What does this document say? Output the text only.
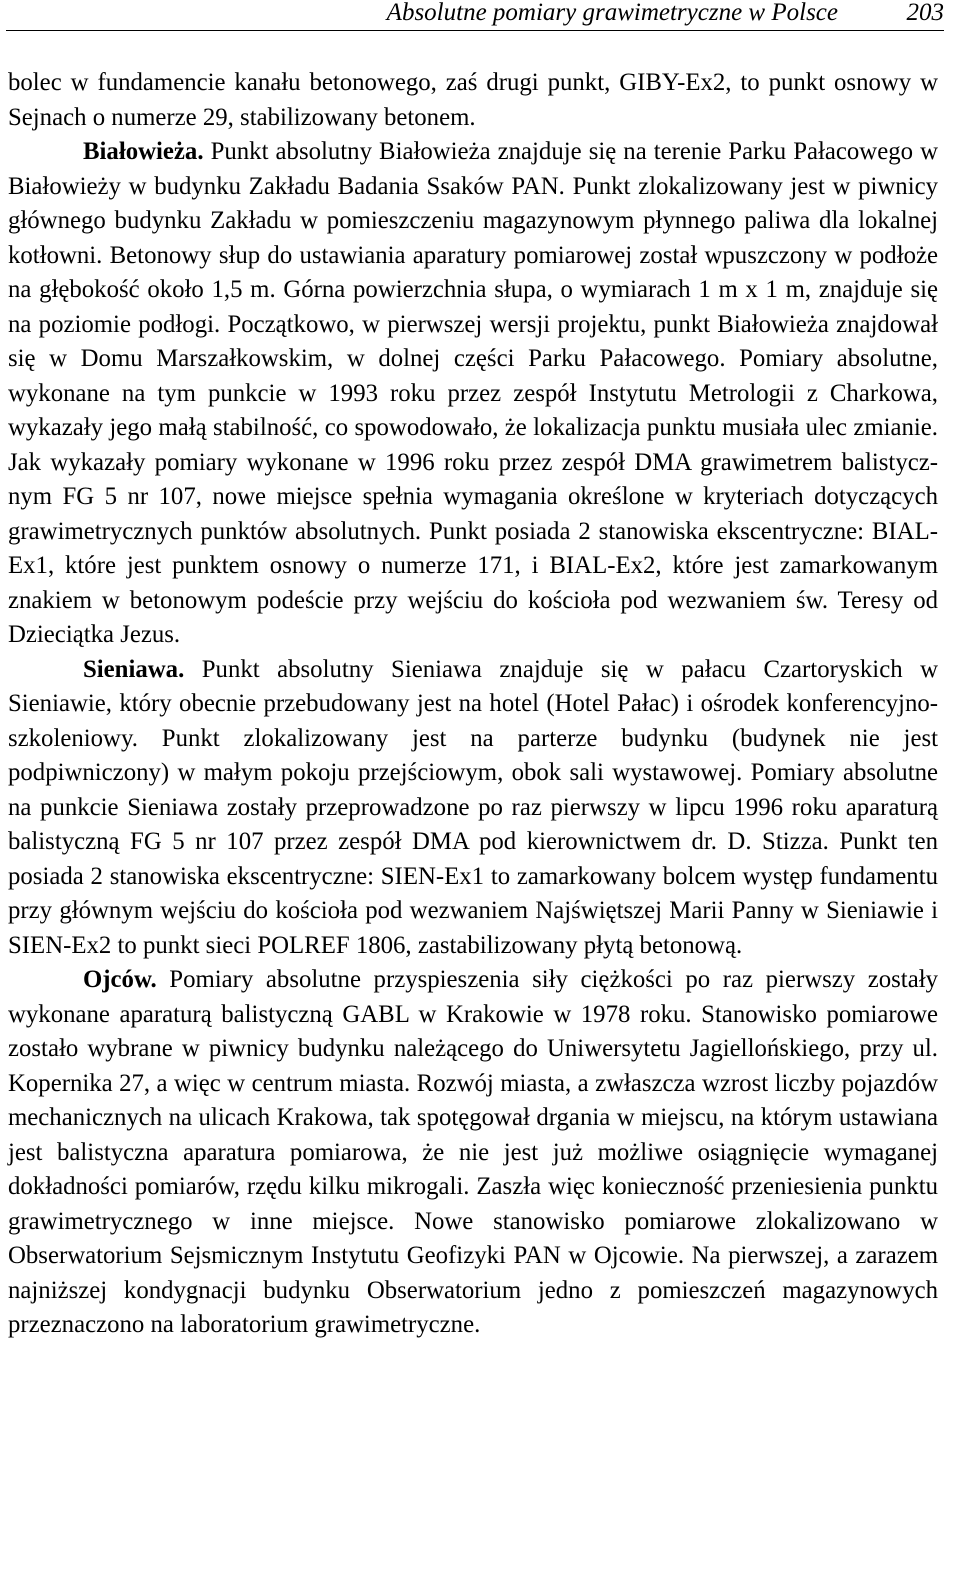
Absolutne pomiary grawimetryczne w Polsce	203

bolec w fundamencie kanału betonowego, zaś drugi punkt, GIBY-Ex2, to punkt osnowy w Sejnach o numerze 29, stabilizowany betonem.

Białowieża. Punkt absolutny Białowieża znajduje się na terenie Parku Pałacowego w Białowieży w budynku Zakładu Badania Ssaków PAN. Punkt zlokalizowany jest w piwnicy głównego budynku Zakładu w pomieszczeniu magazynowym płynnego paliwa dla lokalnej kotłowni. Betonowy słup do ustawiania aparatury pomiarowej został wpuszczony w podłoże na głębokość około 1,5 m. Górna powierzchnia słupa, o wymiarach 1 m x 1 m, znajduje się na poziomie podłogi. Początkowo, w pierwszej wersji projektu, punkt Białowieża znajdował się w Domu Marszałkowskim, w dolnej części Parku Pałacowego. Pomiary absolutne, wykonane na tym punkcie w 1993 roku przez zespół Instytutu Metrologii z Charkowa, wykazały jego małą stabilność, co spowodowało, że lokalizacja punktu musiała ulec zmianie. Jak wykazały pomiary wykonane w 1996 roku przez zespół DMA grawimetrem balistycznym FG 5 nr 107, nowe miejsce spełnia wymagania określone w kryteriach dotyczących grawimetrycznych punktów absolutnych. Punkt posiada 2 stanowiska ekscentryczne: BIAL-Ex1, które jest punktem osnowy o numerze 171, i BIAL-Ex2, które jest zamarkowanym znakiem w betonowym podeście przy wejściu do kościoła pod wezwaniem św. Teresy od Dzieciątka Jezus.

Sieniawa. Punkt absolutny Sieniawa znajduje się w pałacu Czartoryskich w Sieniawie, który obecnie przebudowany jest na hotel (Hotel Pałac) i ośrodek konferencyjno-szkoleniowy. Punkt zlokalizowany jest na parterze budynku (budynek nie jest podpiwniczony) w małym pokoju przejściowym, obok sali wystawowej. Pomiary absolutne na punkcie Sieniawa zostały przeprowadzone po raz pierwszy w lipcu 1996 roku aparaturą balistyczną FG 5 nr 107 przez zespół DMA pod kierownictwem dr. D. Stizza. Punkt ten posiada 2 stanowiska ekscentryczne: SIEN-Ex1 to zamarkowany bolcem występ fundamentu przy głównym wejściu do kościoła pod wezwaniem Najświętszej Marii Panny w Sieniawie i SIEN-Ex2 to punkt sieci POLREF 1806, zastabilizowany płytą betonową.

Ojców. Pomiary absolutne przyspieszenia siły ciężkości po raz pierwszy zostały wykonane aparaturą balistyczną GABL w Krakowie w 1978 roku. Stanowisko pomiarowe zostało wybrane w piwnicy budynku należącego do Uniwersytetu Jagiellońskiego, przy ul. Kopernika 27, a więc w centrum miasta. Rozwój miasta, a zwłaszcza wzrost liczby pojazdów mechanicznych na ulicach Krakowa, tak spotęgował drgania w miejscu, na którym ustawiana jest balistyczna aparatura pomiarowa, że nie jest już możliwe osiągnięcie wymaganej dokładności pomiarów, rzędu kilku mikrogali. Zaszła więc konieczność przeniesienia punktu grawimetrycznego w inne miejsce. Nowe stanowisko pomiarowe zlokalizowano w Obserwatorium Sejsmicznym Instytutu Geofizyki PAN w Ojcowie. Na pierwszej, a zarazem najniższej kondygnacji budynku Obserwatorium jedno z pomieszczeń magazynowych przeznaczono na laboratorium grawimetryczne.
